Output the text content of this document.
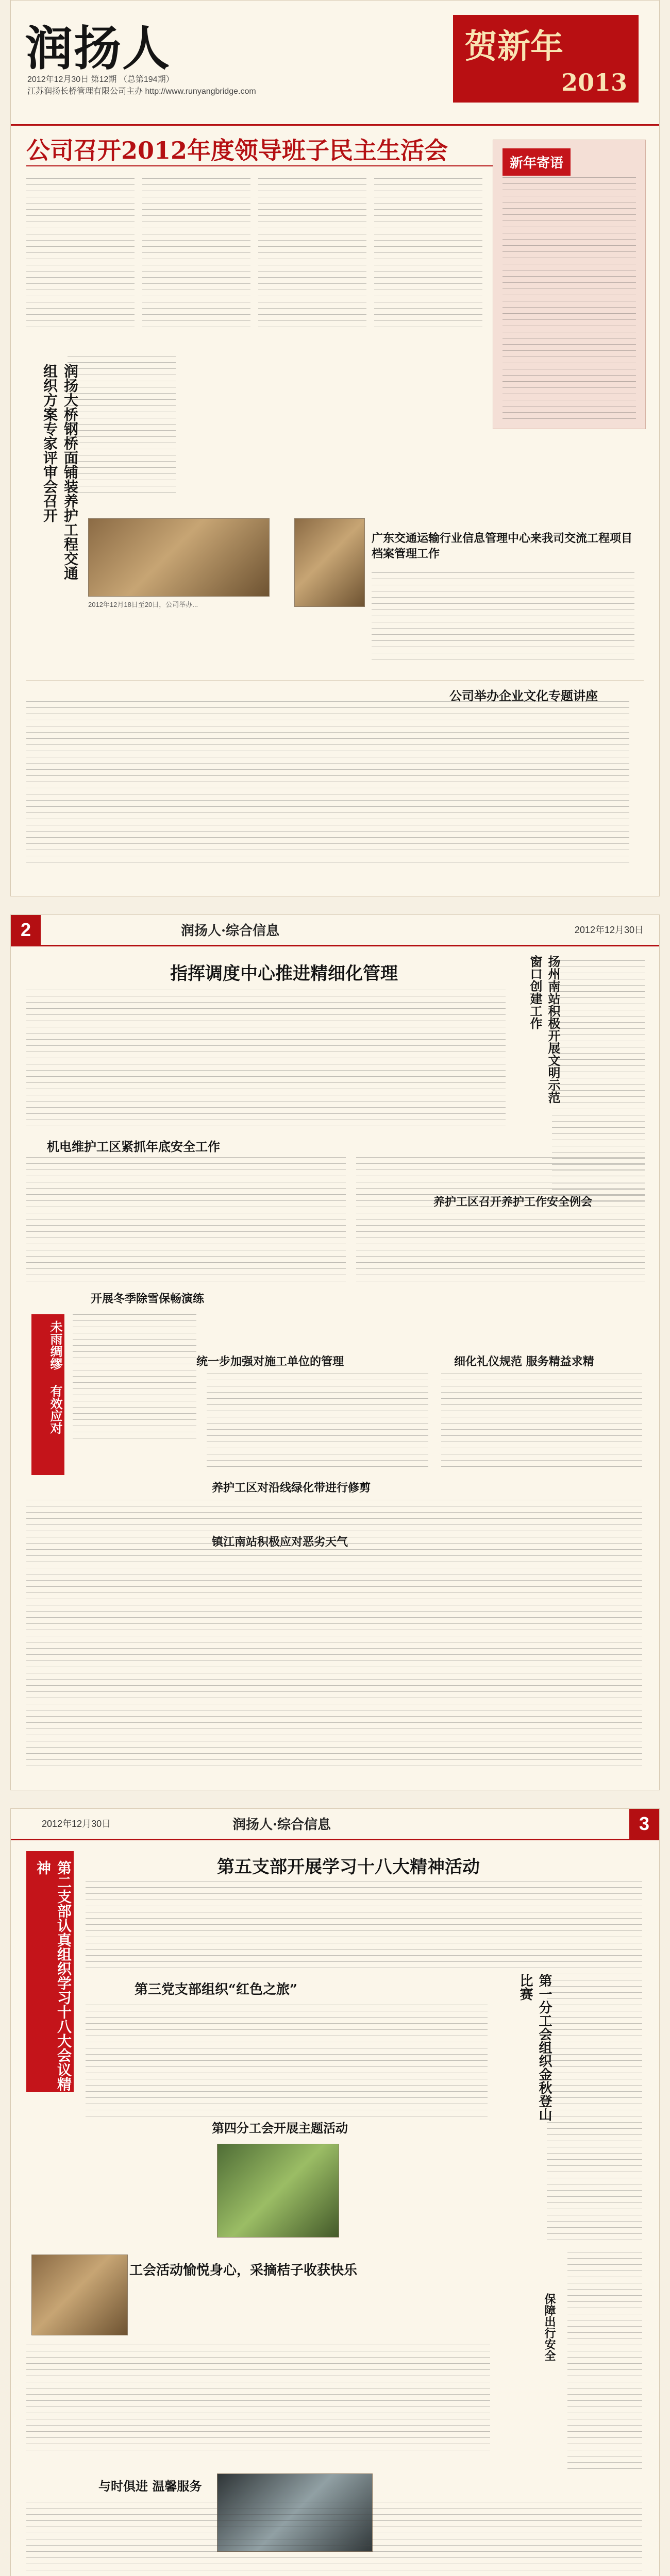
润扬人
2012年12月30日 第12期 （总第194期）
江苏润扬长桥管理有限公司主办 http://www.runyangbridge.com
贺新年
2013
公司召开2012年度领导班子民主生活会	新年寄语
润扬大桥钢桥面铺装养护工程交通组织方案专家评审会召开
2012年12月18日至20日，公司举办...
广东交通运输行业信息管理中心来我司交流工程项目档案管理工作
公司举办企业文化专题讲座
2	润扬人·综合信息	2012年12月30日
指挥调度中心推进精细化管理	扬州南站积极开展文明示范窗口创建工作
机电维护工区紧抓年底安全工作
养护工区召开养护工作安全例会
开展冬季除雪保畅演练
未雨绸缪 有效应对	统一步加强对施工单位的管理	细化礼仪规范 服务精益求精
养护工区对沿线绿化带进行修剪
镇江南站积极应对恶劣天气
2012年12月30日	润扬人·综合信息	3
第二支部认真组织学习十八大会议精神	第五支部开展学习十八大精神活动
第三党支部组织“红色之旅”	第一分工会组织金秋登山比赛
第四分工会开展主题活动
工会活动愉悦身心，采摘桔子收获快乐
保障出行安全
与时俱进 温馨服务
